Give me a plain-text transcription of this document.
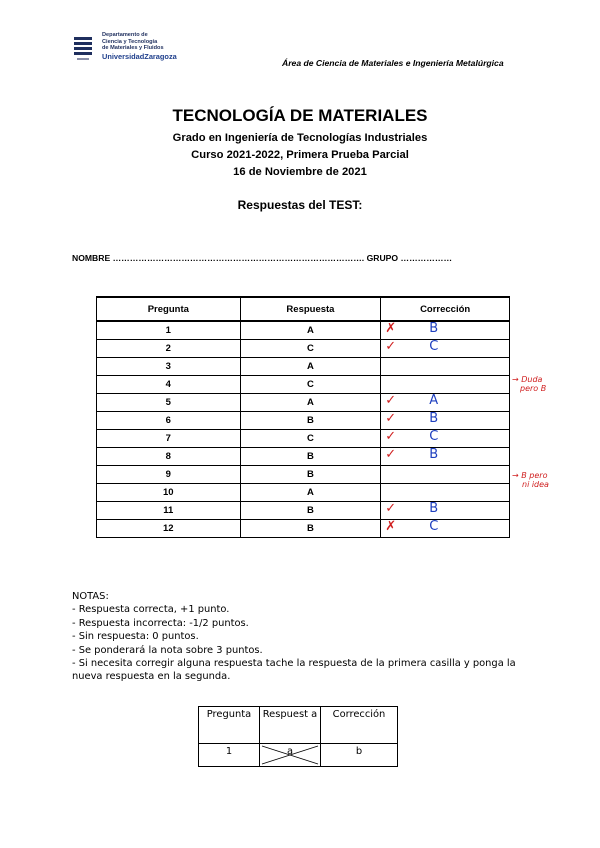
Departamento de
Ciencia y Tecnología
de Materiales y Fluidos
UniversidadZaragoza
Área de Ciencia de Materiales e Ingeniería Metalúrgica
TECNOLOGÍA DE MATERIALES
Grado en Ingeniería de Tecnologías Industriales
Curso 2021-2022, Primera Prueba Parcial
16 de Noviembre de 2021
Respuestas del TEST:
NOMBRE ……………………………………………………………………………. GRUPO ………………
Pregunta	Respuesta	Corrección
1	A	✗ B

2	C	✓ C

3	A	
4	C	
5	A	✓ A

6	B	✓ B

7	C	✓ C

8	B	✓ B

9	B	
10	A	
11	B	✓ B

12	B	✗ C
→ Duda
pero B
→ B pero
ni idea
NOTAS:
- Respuesta correcta, +1 punto.
- Respuesta incorrecta: -1/2 puntos.
- Sin respuesta: 0 puntos.
- Se ponderará la nota sobre 3 puntos.
- Si necesita corregir alguna respuesta tache la respuesta de la primera casilla y ponga la nueva respuesta en la segunda.
Pregunta	Respuest a	Corrección
1	a	b
